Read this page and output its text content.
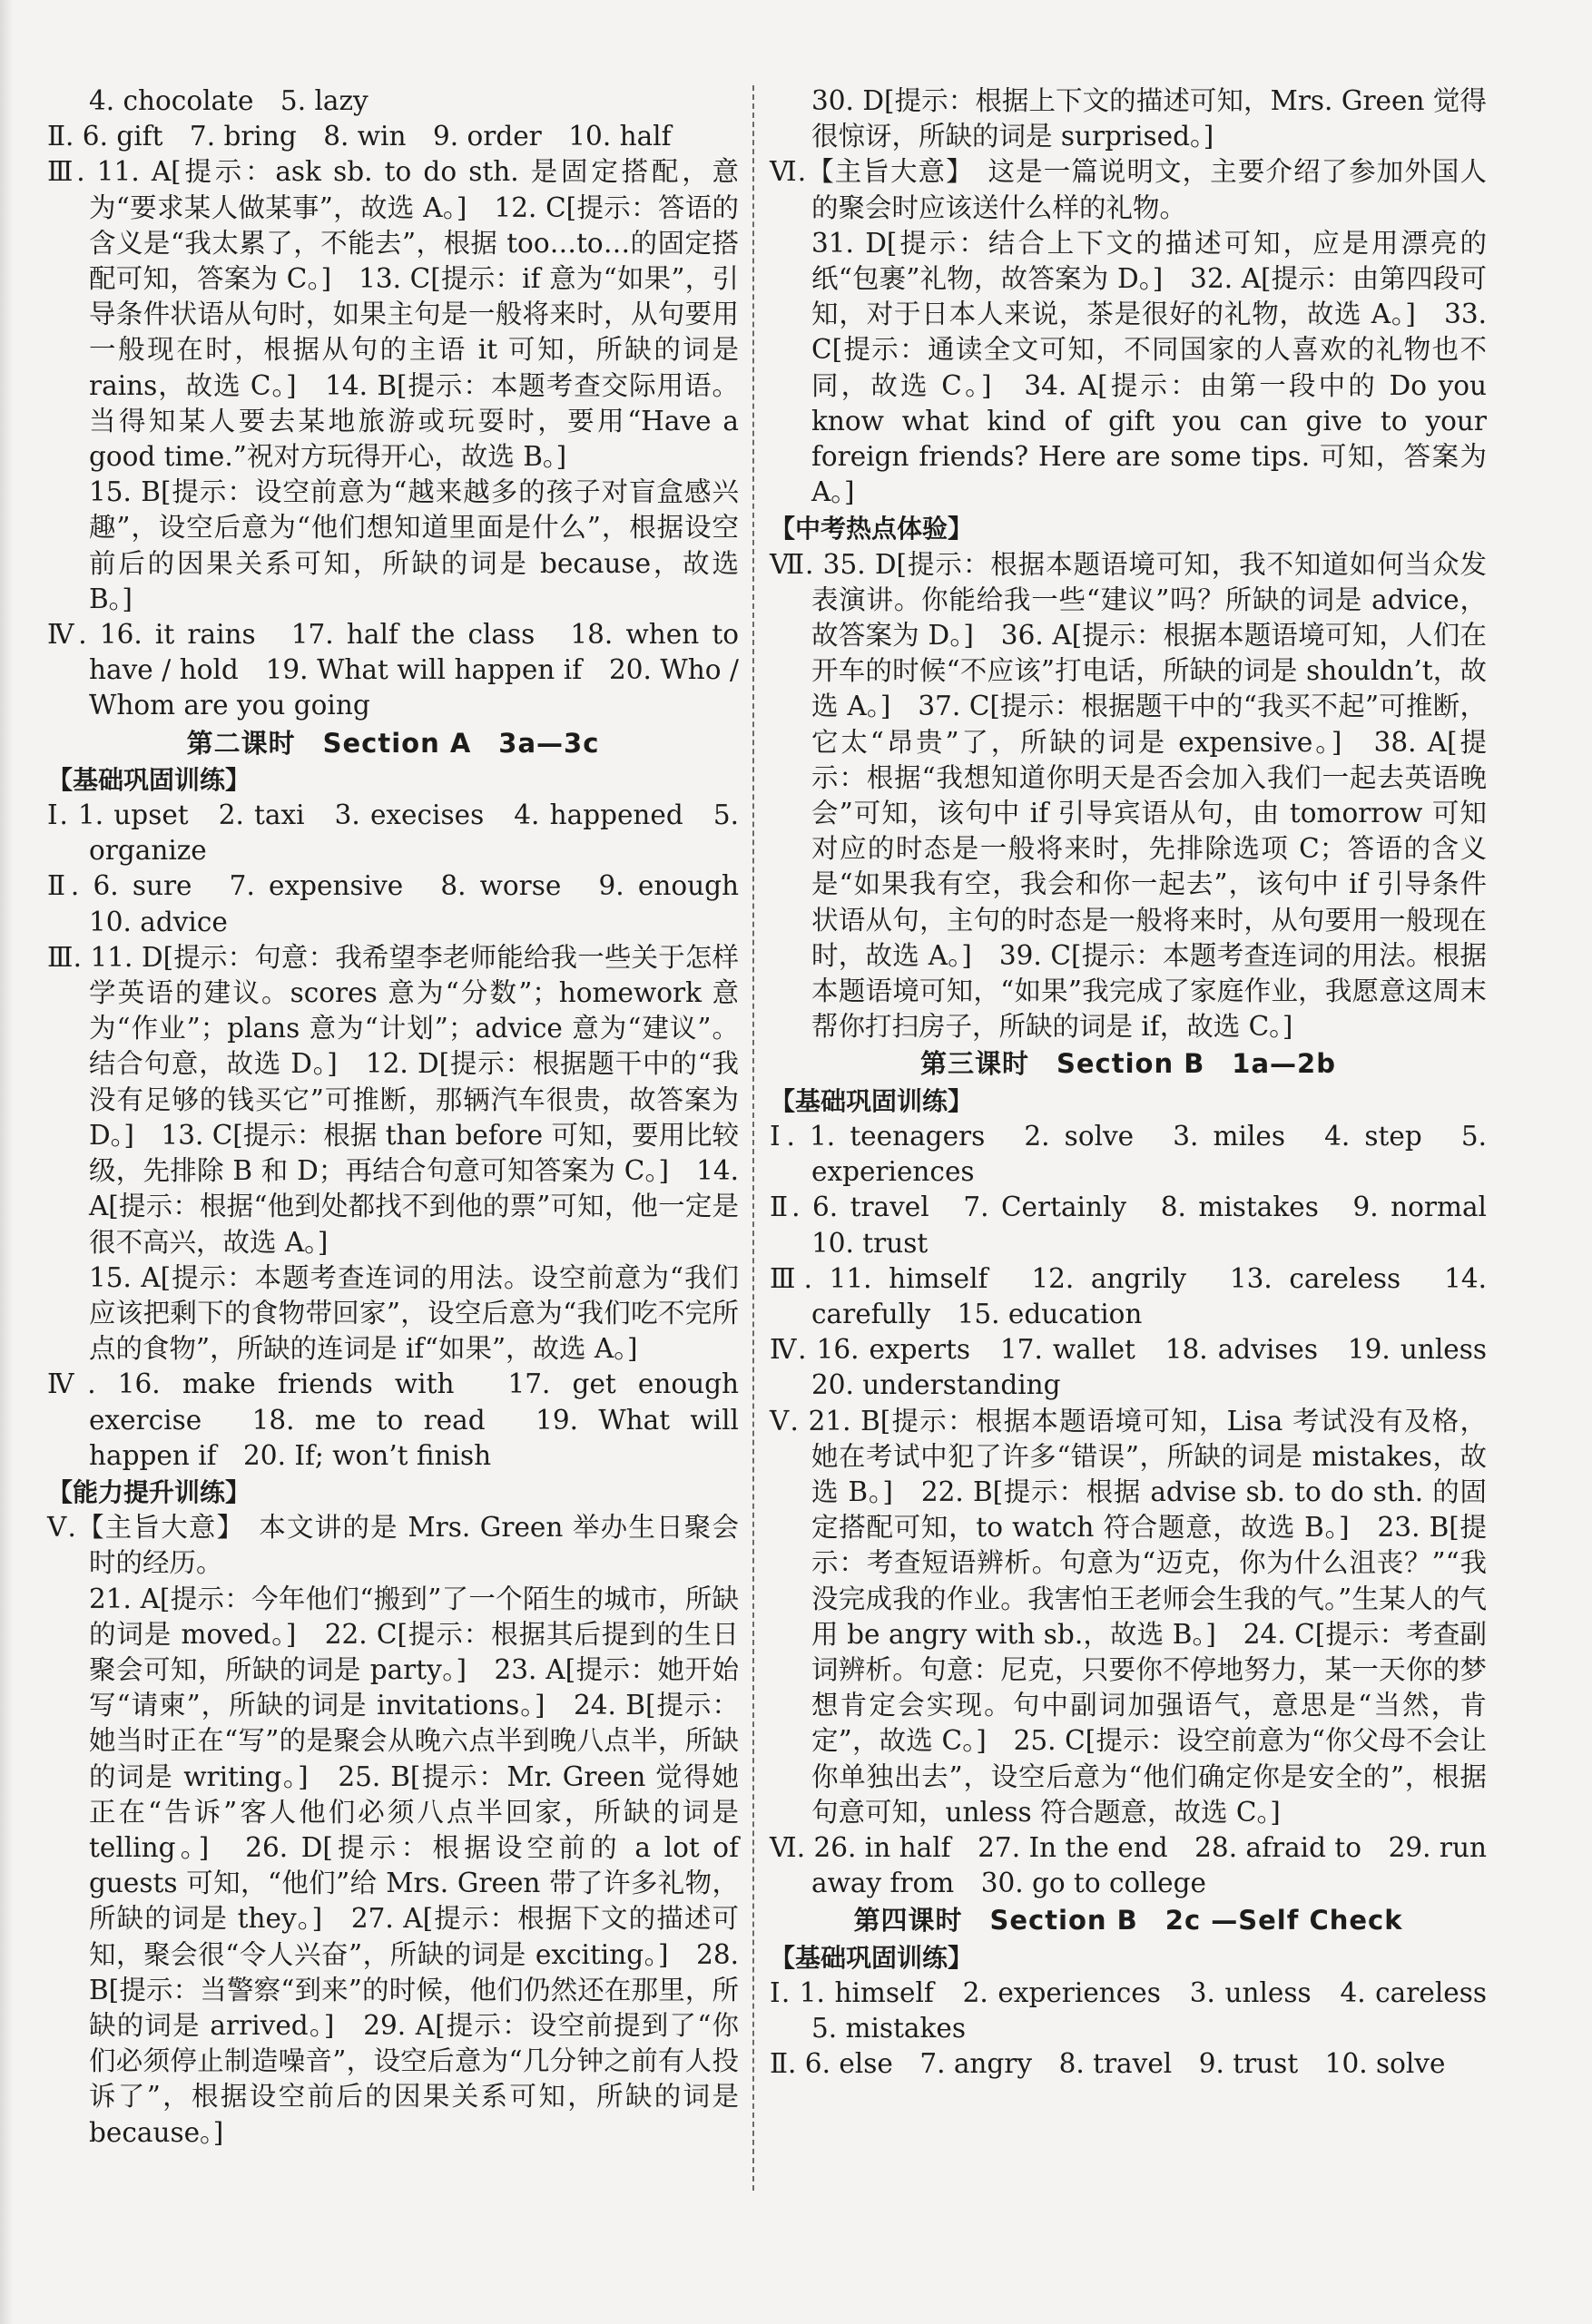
4. chocolate　5. lazy
Ⅱ. 6. gift　7. bring　8. win　9. order　10. half
Ⅲ. 11. A[提示：ask sb. to do sth. 是固定搭配，意为“要求某人做某事”，故选 A。]　12. C[提示：答语的含义是“我太累了，不能去”，根据 too…to…的固定搭配可知，答案为 C。]　13. C[提示：if 意为“如果”，引导条件状语从句时，如果主句是一般将来时，从句要用一般现在时，根据从句的主语 it 可知，所缺的词是 rains，故选 C。]　14. B[提示：本题考查交际用语。当得知某人要去某地旅游或玩耍时，要用“Have a good time.”祝对方玩得开心，故选 B。]
15. B[提示：设空前意为“越来越多的孩子对盲盒感兴趣”，设空后意为“他们想知道里面是什么”，根据设空前后的因果关系可知，所缺的词是 because，故选 B。]
Ⅳ. 16. it rains　17. half the class　18. when to have / hold　19. What will happen if　20. Who / Whom are you going
第二课时　Section A　3a—3c
【基础巩固训练】
Ⅰ. 1. upset　2. taxi　3. execises　4. happened　5. organize
Ⅱ. 6. sure　7. expensive　8. worse　9. enough　10. advice
Ⅲ. 11. D[提示：句意：我希望李老师能给我一些关于怎样学英语的建议。scores 意为“分数”；homework 意为“作业”；plans 意为“计划”；advice 意为“建议”。结合句意，故选 D。]　12. D[提示：根据题干中的“我没有足够的钱买它”可推断，那辆汽车很贵，故答案为 D。]　13. C[提示：根据 than before 可知，要用比较级，先排除 B 和 D；再结合句意可知答案为 C。]　14. A[提示：根据“他到处都找不到他的票”可知，他一定是很不高兴，故选 A。]
15. A[提示：本题考查连词的用法。设空前意为“我们应该把剩下的食物带回家”，设空后意为“我们吃不完所点的食物”，所缺的连词是 if“如果”，故选 A。]
Ⅳ. 16. make friends with　17. get enough exercise　18. me to read　19. What will happen if　20. If; won’t finish
【能力提升训练】
Ⅴ.【主旨大意】　本文讲的是 Mrs. Green 举办生日聚会时的经历。
21. A[提示：今年他们“搬到”了一个陌生的城市，所缺的词是 moved。]　22. C[提示：根据其后提到的生日聚会可知，所缺的词是 party。]　23. A[提示：她开始写“请柬”，所缺的词是 invitations。]　24. B[提示：她当时正在“写”的是聚会从晚六点半到晚八点半，所缺的词是 writing。]　25. B[提示：Mr. Green 觉得她正在“告诉”客人他们必须八点半回家，所缺的词是 telling。]　26. D[提示：根据设空前的 a lot of guests 可知，“他们”给 Mrs. Green 带了许多礼物，所缺的词是 they。]　27. A[提示：根据下文的描述可知，聚会很“令人兴奋”，所缺的词是 exciting。]　28. B[提示：当警察“到来”的时候，他们仍然还在那里，所缺的词是 arrived。]　29. A[提示：设空前提到了“你们必须停止制造噪音”，设空后意为“几分钟之前有人投诉了”，根据设空前后的因果关系可知，所缺的词是 because。]
30. D[提示：根据上下文的描述可知，Mrs. Green 觉得很惊讶，所缺的词是 surprised。]
Ⅵ.【主旨大意】　这是一篇说明文，主要介绍了参加外国人的聚会时应该送什么样的礼物。
31. D[提示：结合上下文的描述可知，应是用漂亮的纸“包裹”礼物，故答案为 D。]　32. A[提示：由第四段可知，对于日本人来说，茶是很好的礼物，故选 A。]　33. C[提示：通读全文可知，不同国家的人喜欢的礼物也不同，故选 C。]　34. A[提示：由第一段中的 Do you know what kind of gift you can give to your foreign friends? Here are some tips. 可知，答案为 A。]
【中考热点体验】
Ⅶ. 35. D[提示：根据本题语境可知，我不知道如何当众发表演讲。你能给我一些“建议”吗？所缺的词是 advice，故答案为 D。]　36. A[提示：根据本题语境可知，人们在开车的时候“不应该”打电话，所缺的词是 shouldn’t，故选 A。]　37. C[提示：根据题干中的“我买不起”可推断，它太“昂贵”了，所缺的词是 expensive。]　38. A[提示：根据“我想知道你明天是否会加入我们一起去英语晚会”可知，该句中 if 引导宾语从句，由 tomorrow 可知对应的时态是一般将来时，先排除选项 C；答语的含义是“如果我有空，我会和你一起去”，该句中 if 引导条件状语从句，主句的时态是一般将来时，从句要用一般现在时，故选 A。]　39. C[提示：本题考查连词的用法。根据本题语境可知，“如果”我完成了家庭作业，我愿意这周末帮你打扫房子，所缺的词是 if，故选 C。]
第三课时　Section B　1a—2b
【基础巩固训练】
Ⅰ. 1. teenagers　2. solve　3. miles　4. step　5. experiences
Ⅱ. 6. travel　7. Certainly　8. mistakes　9. normal　10. trust
Ⅲ. 11. himself　12. angrily　13. careless　14. carefully　15. education
Ⅳ. 16. experts　17. wallet　18. advises　19. unless　20. understanding
Ⅴ. 21. B[提示：根据本题语境可知，Lisa 考试没有及格，她在考试中犯了许多“错误”，所缺的词是 mistakes，故选 B。]　22. B[提示：根据 advise sb. to do sth. 的固定搭配可知，to watch 符合题意，故选 B。]　23. B[提示：考查短语辨析。句意为“迈克，你为什么沮丧？”“我没完成我的作业。我害怕王老师会生我的气。”生某人的气用 be angry with sb.，故选 B。]　24. C[提示：考查副词辨析。句意：尼克，只要你不停地努力，某一天你的梦想肯定会实现。句中副词加强语气，意思是“当然，肯定”，故选 C。]　25. C[提示：设空前意为“你父母不会让你单独出去”，设空后意为“他们确定你是安全的”，根据句意可知，unless 符合题意，故选 C。]
Ⅵ. 26. in half　27. In the end　28. afraid to　29. run away from　30. go to college
第四课时　Section B　2c —Self Check
【基础巩固训练】
Ⅰ. 1. himself　2. experiences　3. unless　4. careless　5. mistakes
Ⅱ. 6. else　7. angry　8. travel　9. trust　10. solve
